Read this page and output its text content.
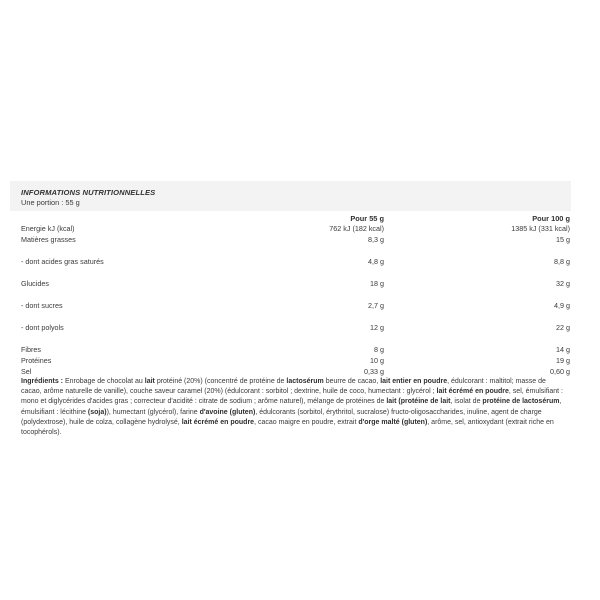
INFORMATIONS NUTRITIONNELLES
Une portion : 55 g
	Pour 55 g	Pour 100 g
Energie kJ (kcal)	762 kJ (182 kcal)	1385 kJ (331 kcal)
Matières grasses	8,3 g	15 g
- dont acides gras saturés	4,8 g	8,8 g
Glucides	18 g	32 g
- dont sucres	2,7 g	4,9 g
- dont polyols	12 g	22 g
Fibres	8 g	14 g
Protéines	10 g	19 g
Sel	0,33 g	0,60 g

Ingrédients : Enrobage de chocolat au lait protéiné (20%) (concentré de protéine de lactosérum beurre de cacao, lait entier en poudre, édulcorant : maltitol; masse de cacao, arôme naturelle de vanille), couche saveur caramel (20%) (édulcorant : sorbitol ; dextrine, huile de coco, humectant : glycérol ; lait écrémé en poudre, sel, émulsifiant : mono et diglycérides d'acides gras ; correcteur d'acidité : citrate de sodium ; arôme naturel), mélange de protéines de lait (protéine de lait, isolat de protéine de lactosérum, émulsifiant : lécithine (soja)), humectant (glycérol), farine d'avoine (gluten), édulcorants (sorbitol, érythritol, sucralose) fructo-oligosaccharides, inuline, agent de charge (polydextrose), huile de colza, collagène hydrolysé, lait écrémé en poudre, cacao maigre en poudre, extrait d'orge malté (gluten), arôme, sel, antioxydant (extrait riche en tocophérols).
